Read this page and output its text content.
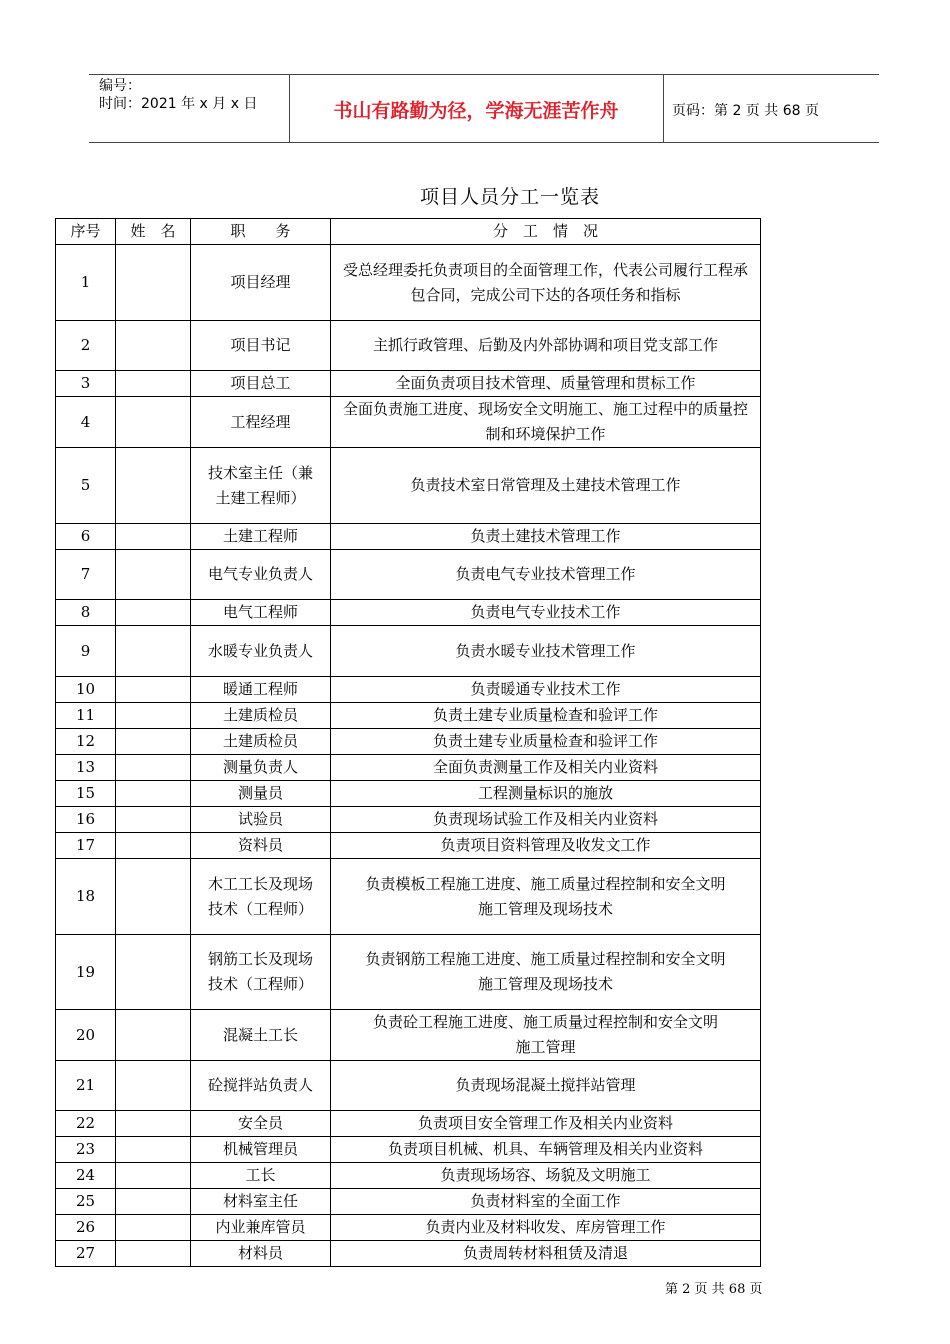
编号：
时间：2021 年 x 月 x 日	书山有路勤为径，学海无涯苦作舟	页码：第 2 页 共 68 页
项目人员分工一览表
序号	姓　名	职　　务	分　工　情　况

1		项目经理	受总经理委托负责项目的全面管理工作，代表公司履行工程承包合同，完成公司下达的各项任务和指标

2		项目书记	主抓行政管理、后勤及内外部协调和项目党支部工作

3		项目总工	全面负责项目技术管理、质量管理和贯标工作

4		工程经理	全面负责施工进度、现场安全文明施工、施工过程中的质量控制和环境保护工作

5		技术室主任（兼土建工程师）	负责技术室日常管理及土建技术管理工作

6		土建工程师	负责土建技术管理工作

7		电气专业负责人	负责电气专业技术管理工作

8		电气工程师	负责电气专业技术工作

9		水暖专业负责人	负责水暖专业技术管理工作

10		暖通工程师	负责暖通专业技术工作

11		土建质检员	负责土建专业质量检查和验评工作

12		土建质检员	负责土建专业质量检查和验评工作

13		测量负责人	全面负责测量工作及相关内业资料

15		测量员	工程测量标识的施放

16		试验员	负责现场试验工作及相关内业资料

17		资料员	负责项目资料管理及收发文工作

18		木工工长及现场技术（工程师）	负责模板工程施工进度、施工质量过程控制和安全文明施工管理及现场技术

19		钢筋工长及现场技术（工程师）	负责钢筋工程施工进度、施工质量过程控制和安全文明施工管理及现场技术

20		混凝土工长	负责砼工程施工进度、施工质量过程控制和安全文明施工管理

21		砼搅拌站负责人	负责现场混凝土搅拌站管理

22		安全员	负责项目安全管理工作及相关内业资料

23		机械管理员	负责项目机械、机具、车辆管理及相关内业资料

24		工长	负责现场场容、场貌及文明施工

25		材料室主任	负责材料室的全面工作

26		内业兼库管员	负责内业及材料收发、库房管理工作

27		材料员	负责周转材料租赁及清退
第 2 页 共 68 页
